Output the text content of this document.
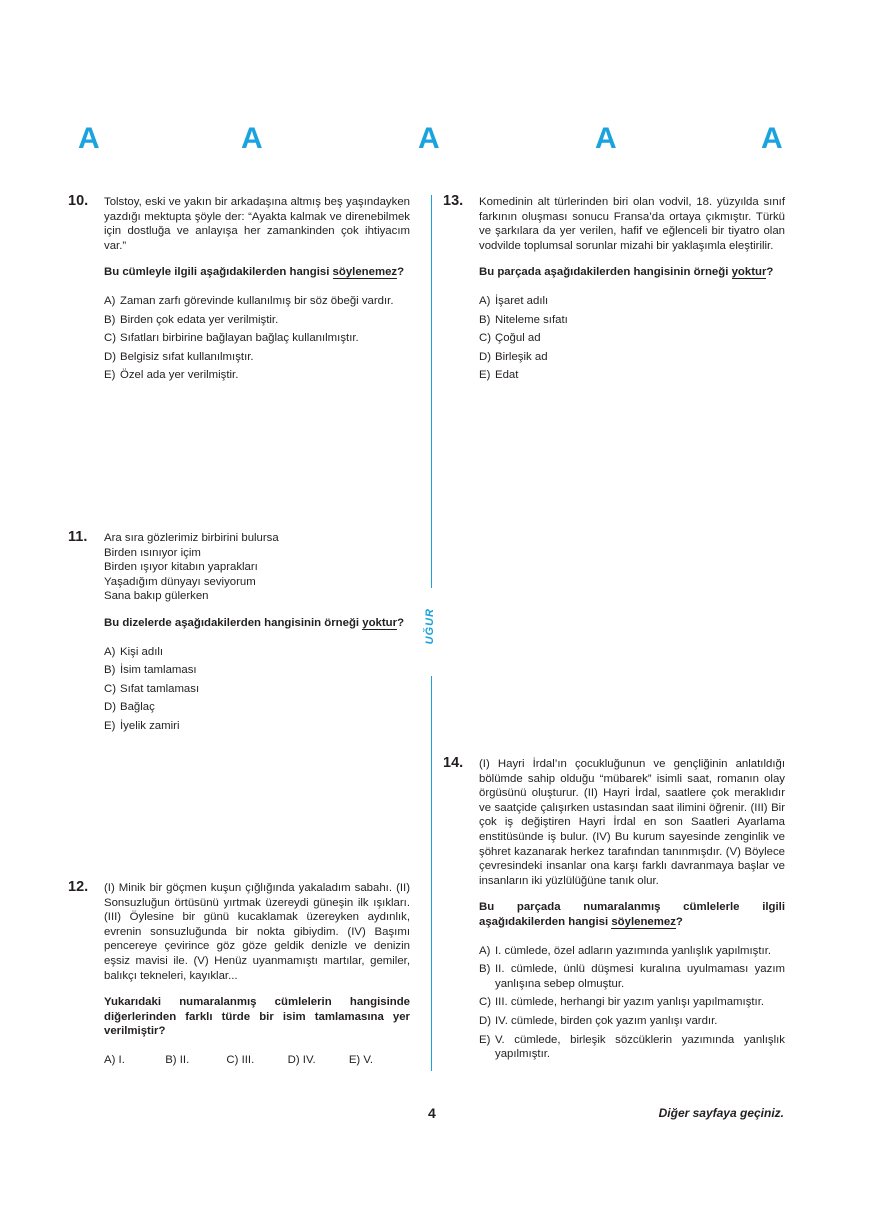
A	A	A	A	A
10. Tolstoy, eski ve yakın bir arkadaşına altmış beş yaşındayken yazdığı mektupta şöyle der: “Ayakta kalmak ve direnebilmek için dostluğa ve anlayışa her zamankinden çok ihtiyacım var.”
Bu cümleyle ilgili aşağıdakilerden hangisi söylenemez?
A) Zaman zarfı görevinde kullanılmış bir söz öbeği vardır.
B) Birden çok edata yer verilmiştir.
C) Sıfatları birbirine bağlayan bağlaç kullanılmıştır.
D) Belgisiz sıfat kullanılmıştır.
E) Özel ada yer verilmiştir.
11. Ara sıra gözlerimiz birbirini bulursa

Birden ısınıyor içim

Birden ışıyor kitabın yaprakları

Yaşadığım dünyayı seviyorum

Sana bakıp gülerken

Bu dizelerde aşağıdakilerden hangisinin örneği yoktur?
A) Kişi adılı
B) İsim tamlaması
C) Sıfat tamlaması
D) Bağlaç
E) İyelik zamiri
12. (I) Minik bir göçmen kuşun çığlığında yakaladım sabahı. (II) Sonsuzluğun örtüsünü yırtmak üzereydi güneşin ilk ışıkları. (III) Öylesine bir günü kucaklamak üzereyken aydınlık, evrenin sonsuzluğunda bir nokta gibiydim. (IV) Başımı pencereye çevirince göz göze geldik denizle ve denizin eşsiz mavisi ile. (V) Henüz uyanmamıştı martılar, gemiler, balıkçı tekneleri, kayıklar...
Yukarıdaki numaralanmış cümlelerin hangisinde diğerlerinden farklı türde bir isim tamlamasına yer verilmiştir?
A) I.	B) II.	C) III.	D) IV.	E) V.
UĞUR
13. Komedinin alt türlerinden biri olan vodvil, 18. yüzyılda sınıf farkının oluşması sonucu Fransa’da ortaya çıkmıştır. Türkü ve şarkılara da yer verilen, hafif ve eğlenceli bir tiyatro olan vodvilde toplumsal sorunlar mizahi bir yaklaşımla eleştirilir.
Bu parçada aşağıdakilerden hangisinin örneği yoktur?
A) İşaret adılı
B) Niteleme sıfatı
C) Çoğul ad
D) Birleşik ad
E) Edat
14. (I) Hayri İrdal’ın çocukluğunun ve gençliğinin anlatıldığı bölümde sahip olduğu “mübarek” isimli saat, romanın olay örgüsünü oluşturur. (II) Hayri İrdal, saatlere çok meraklıdır ve saatçide çalışırken ustasından saat ilimini öğrenir. (III) Bir çok iş değiştiren Hayri İrdal en son Saatleri Ayarlama enstitüsünde iş bulur. (IV) Bu kurum sayesinde zenginlik ve şöhret kazanarak herkez tarafından tanınmışdır. (V) Böylece çevresindeki insanlar ona karşı farklı davranmaya başlar ve insanların iki yüzlülüğüne tanık olur.
Bu parçada numaralanmış cümlelerle ilgili aşağıdakilerden hangisi söylenemez?
A) I. cümlede, özel adların yazımında yanlışlık yapılmıştır.
B) II. cümlede, ünlü düşmesi kuralına uyulmaması yazım yanlışına sebep olmuştur.
C) III. cümlede, herhangi bir yazım yanlışı yapılmamıştır.
D) IV. cümlede, birden çok yazım yanlışı vardır.
E) V. cümlede, birleşik sözcüklerin yazımında yanlışlık yapılmıştır.
4	Diğer sayfaya geçiniz.
